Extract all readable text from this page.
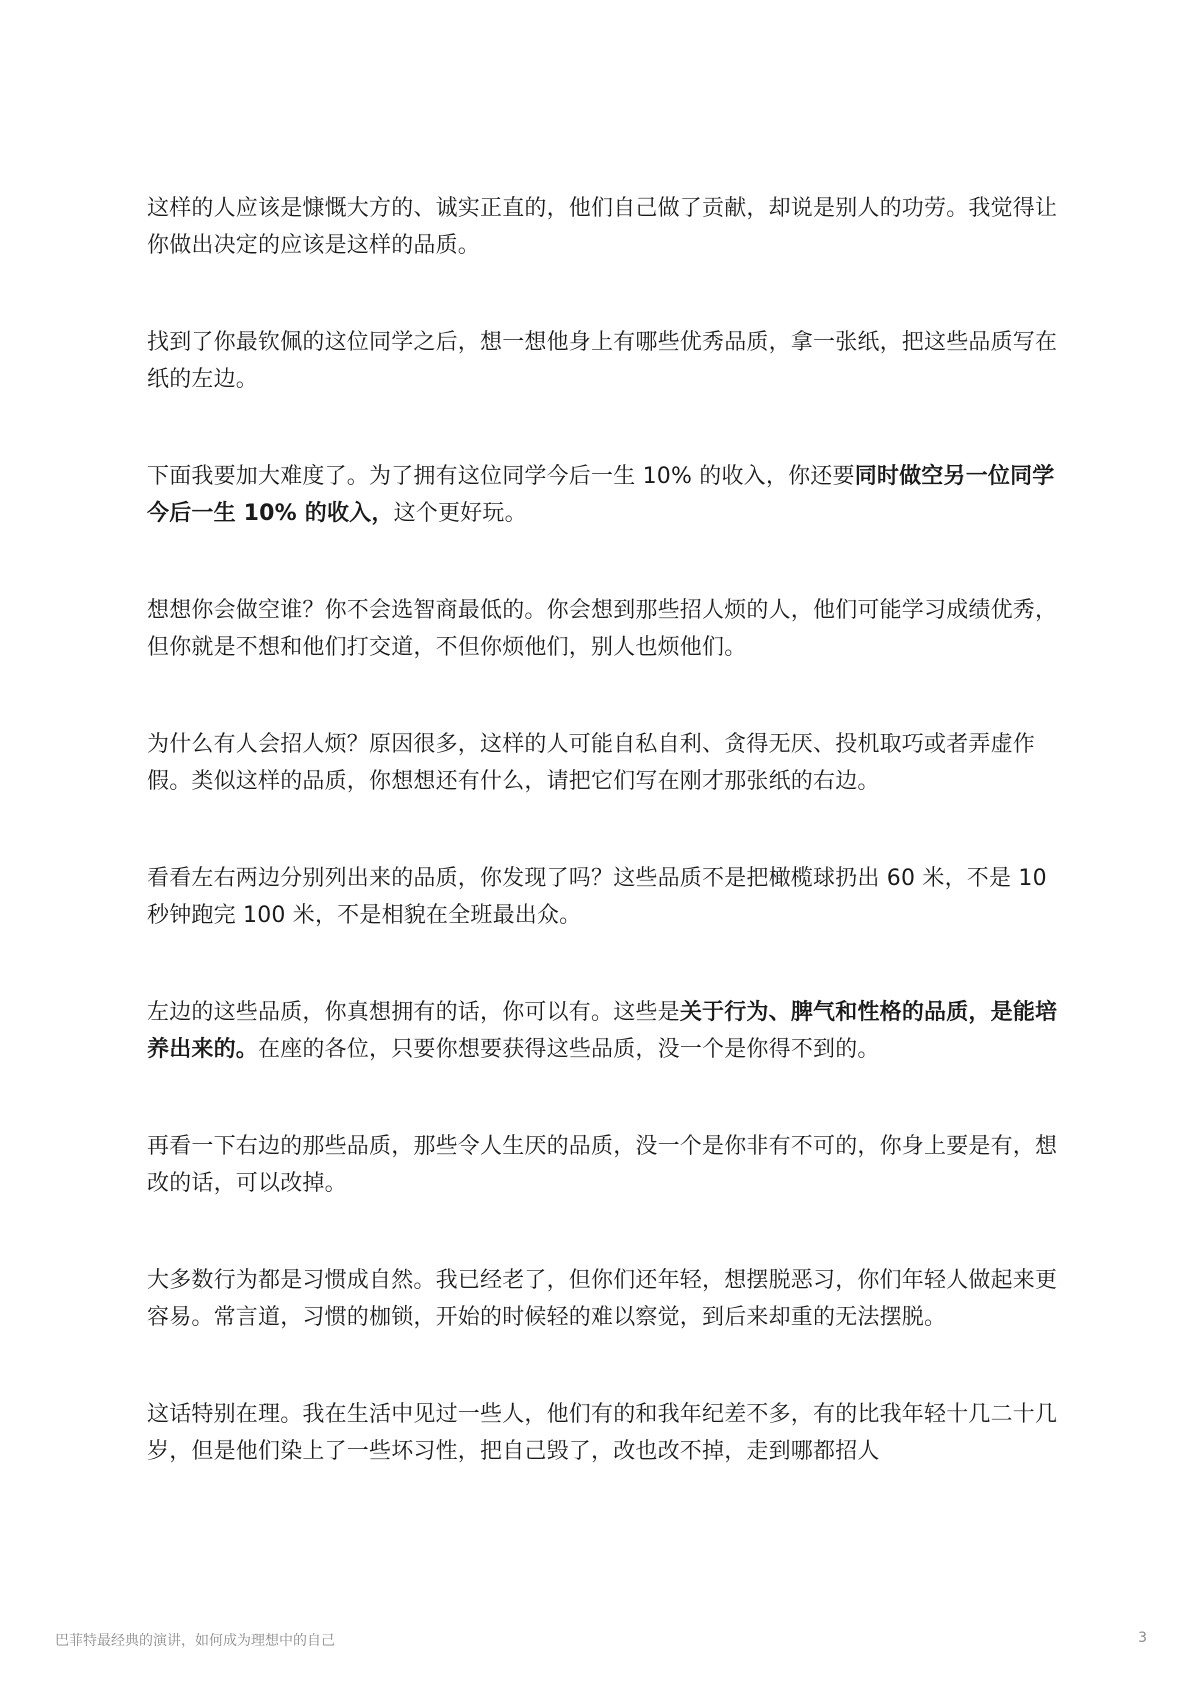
这样的人应该是慷慨大方的、诚实正直的，他们自己做了贡献，却说是别人的功劳。我觉得让你做出决定的应该是这样的品质。

找到了你最钦佩的这位同学之后，想一想他身上有哪些优秀品质，拿一张纸，把这些品质写在纸的左边。

下面我要加大难度了。为了拥有这位同学今后一生 10% 的收入，你还要同时做空另一位同学今后一生 10% 的收入，这个更好玩。

想想你会做空谁？你不会选智商最低的。你会想到那些招人烦的人，他们可能学习成绩优秀，但你就是不想和他们打交道，不但你烦他们，别人也烦他们。

为什么有人会招人烦？原因很多，这样的人可能自私自利、贪得无厌、投机取巧或者弄虚作假。类似这样的品质，你想想还有什么，请把它们写在刚才那张纸的右边。

看看左右两边分别列出来的品质，你发现了吗？这些品质不是把橄榄球扔出 60 米，不是 10 秒钟跑完 100 米，不是相貌在全班最出众。

左边的这些品质，你真想拥有的话，你可以有。这些是关于行为、脾气和性格的品质，是能培养出来的。在座的各位，只要你想要获得这些品质，没一个是你得不到的。

再看一下右边的那些品质，那些令人生厌的品质，没一个是你非有不可的，你身上要是有，想改的话，可以改掉。

大多数行为都是习惯成自然。我已经老了，但你们还年轻，想摆脱恶习，你们年轻人做起来更容易。常言道，习惯的枷锁，开始的时候轻的难以察觉，到后来却重的无法摆脱。

这话特别在理。我在生活中见过一些人，他们有的和我年纪差不多，有的比我年轻十几二十几岁，但是他们染上了一些坏习性，把自己毁了，改也改不掉，走到哪都招人

巴菲特最经典的演讲，如何成为理想中的自己	3
